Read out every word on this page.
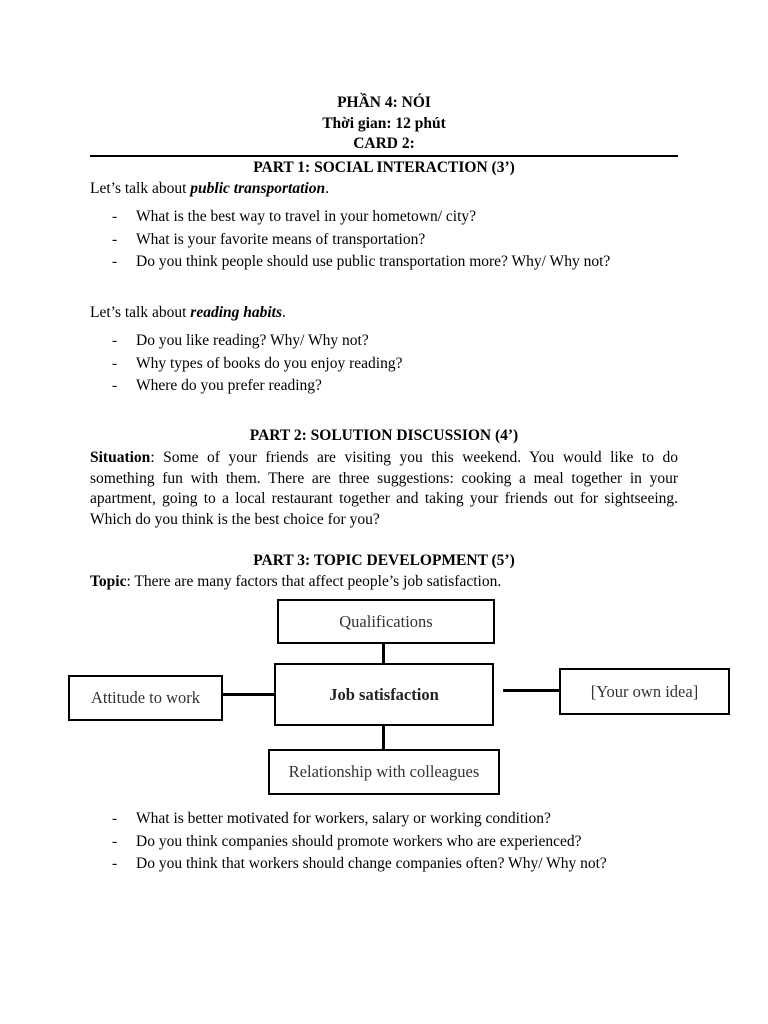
PHẦN 4: NÓI
Thời gian: 12 phút
CARD 2:
PART 1: SOCIAL INTERACTION (3’)
Let’s talk about public transportation.
- What is the best way to travel in your hometown/ city?
- What is your favorite means of transportation?
- Do you think people should use public transportation more? Why/ Why not?
Let’s talk about reading habits.
- Do you like reading? Why/ Why not?
- Why types of books do you enjoy reading?
- Where do you prefer reading?
PART 2: SOLUTION DISCUSSION (4’)

Situation: Some of your friends are visiting you this weekend. You would like to do something fun with them. There are three suggestions: cooking a meal together in your apartment, going to a local restaurant together and taking your friends out for sightseeing. Which do you think is the best choice for you?

PART 3: TOPIC DEVELOPMENT (5’)
Topic: There are many factors that affect people’s job satisfaction.
Qualifications
Attitude to work	Job satisfaction	[Your own idea]
Relationship with colleagues
- What is better motivated for workers, salary or working condition?
- Do you think companies should promote workers who are experienced?
- Do you think that workers should change companies often? Why/ Why not?
